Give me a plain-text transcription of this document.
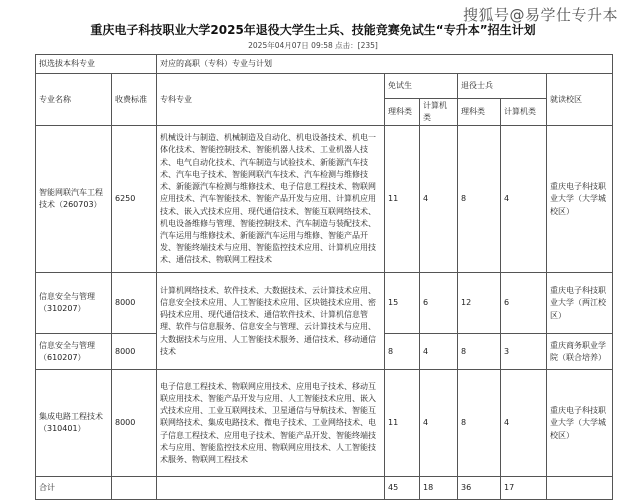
搜狐号@易学仕专升本
重庆电子科技职业大学2025年退役大学生士兵、技能竞赛免试生“专升本”招生计划
2025年04月07日 09:58 点击：[235]
拟选拔本科专业		对应的高职（专科）专业与计划					
专业名称	收费标准	专科专业	免试生		退役士兵		就读校区
			理科类	计算机类	理科类	计算机类	
智能网联汽车工程技术（260703）	6250	机械设计与制造、机械制造及自动化、机电设备技术、机电一体化技术、智能控制技术、智能机器人技术、工业机器人技术、电气自动化技术、汽车制造与试验技术、新能源汽车技术、汽车电子技术、智能网联汽车技术、汽车检测与维修技术、新能源汽车检测与维修技术、电子信息工程技术、物联网应用技术、汽车智能技术、智能产品开发与应用、计算机应用技术、嵌入式技术应用、现代通信技术、智能互联网络技术、机电设备维修与管理、智能控制技术、汽车制造与装配技术、汽车运用与维修技术、新能源汽车运用与维修、智能产品开发、智能终端技术与应用、智能监控技术应用、计算机应用技术、通信技术、物联网工程技术	11	4	8	4	重庆电子科技职业大学（大学城校区）
信息安全与管理（310207）	8000	计算机网络技术、软件技术、大数据技术、云计算技术应用、信息安全技术应用、人工智能技术应用、区块链技术应用、密码技术应用、现代通信技术、通信软件技术、计算机信息管理、软件与信息服务、信息安全与管理、云计算技术与应用、大数据技术与应用、人工智能技术服务、通信技术、移动通信技术	15	6	12	6	重庆电子科技职业大学（两江校区）
信息安全与管理（610207）	8000		8	4	8	3	重庆商务职业学院（联合培养）
集成电路工程技术（310401）	8000	电子信息工程技术、物联网应用技术、应用电子技术、移动互联应用技术、智能产品开发与应用、人工智能技术应用、嵌入式技术应用、工业互联网技术、卫星通信与导航技术、智能互联网络技术、集成电路技术、微电子技术、工业网络技术、电子信息工程技术、应用电子技术、智能产品开发、智能终端技术与应用、智能监控技术应用、物联网应用技术、人工智能技术服务、物联网工程技术	11	4	8	4	重庆电子科技职业大学（大学城校区）
合计			45	18	36	17	
